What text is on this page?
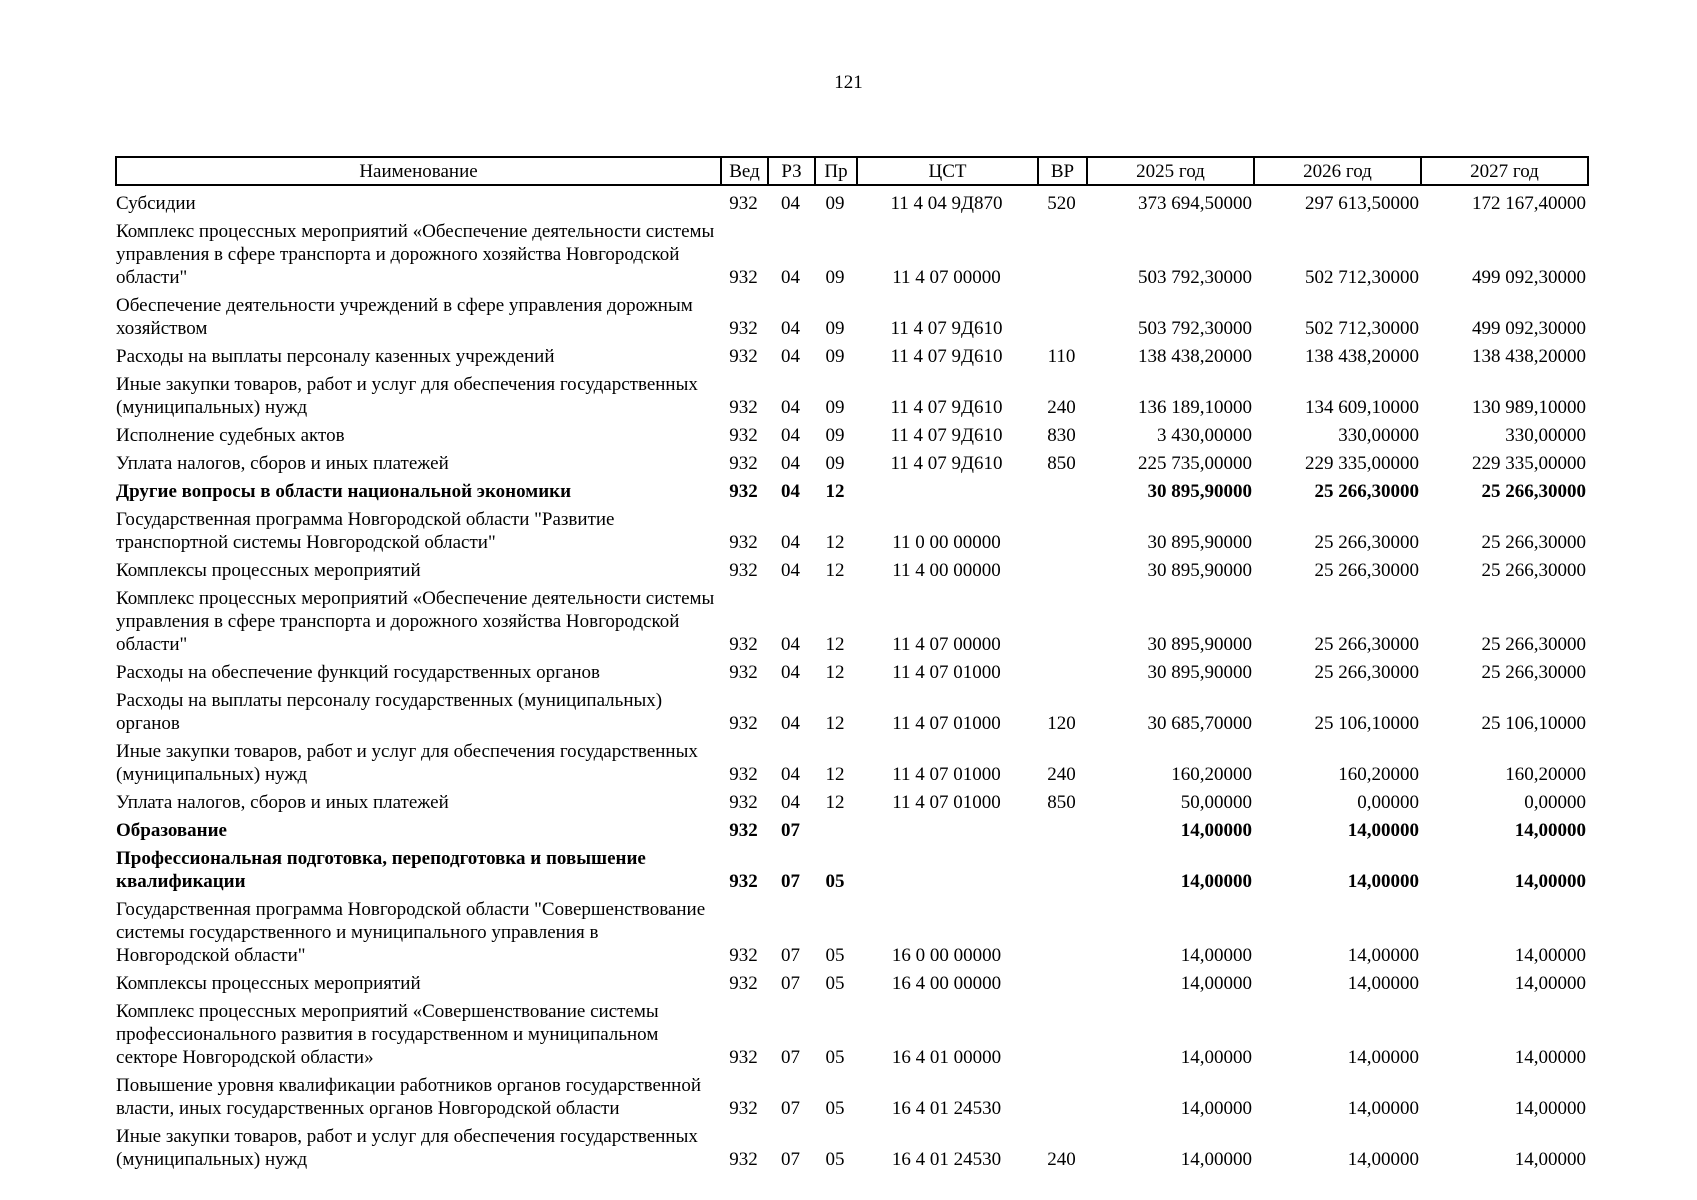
121
Наименование	Вед	РЗ	Пр	ЦСТ	ВР	2025 год	2026 год	2027 год
Субсидии	932	04	09	11 4 04 9Д870	520	373 694,50000	297 613,50000	172 167,40000
Комплекс процессных мероприятий «Обеспечение деятельности системы управления в сфере транспорта и дорожного хозяйства Новгородской области"	932	04	09	11 4 07 00000		503 792,30000	502 712,30000	499 092,30000
Обеспечение деятельности учреждений в сфере управления дорожным хозяйством	932	04	09	11 4 07 9Д610		503 792,30000	502 712,30000	499 092,30000
Расходы на выплаты персоналу казенных учреждений	932	04	09	11 4 07 9Д610	110	138 438,20000	138 438,20000	138 438,20000
Иные закупки товаров, работ и услуг для обеспечения государственных (муниципальных) нужд	932	04	09	11 4 07 9Д610	240	136 189,10000	134 609,10000	130 989,10000
Исполнение судебных актов	932	04	09	11 4 07 9Д610	830	3 430,00000	330,00000	330,00000
Уплата налогов, сборов и иных платежей	932	04	09	11 4 07 9Д610	850	225 735,00000	229 335,00000	229 335,00000
Другие вопросы в области национальной экономики	932	04	12			30 895,90000	25 266,30000	25 266,30000
Государственная программа Новгородской области "Развитие транспортной системы Новгородской области"	932	04	12	11 0 00 00000		30 895,90000	25 266,30000	25 266,30000
Комплексы процессных мероприятий	932	04	12	11 4 00 00000		30 895,90000	25 266,30000	25 266,30000
Комплекс процессных мероприятий «Обеспечение деятельности системы управления в сфере транспорта и дорожного хозяйства Новгородской области"	932	04	12	11 4 07 00000		30 895,90000	25 266,30000	25 266,30000
Расходы на обеспечение функций государственных органов	932	04	12	11 4 07 01000		30 895,90000	25 266,30000	25 266,30000
Расходы на выплаты персоналу государственных (муниципальных) органов	932	04	12	11 4 07 01000	120	30 685,70000	25 106,10000	25 106,10000
Иные закупки товаров, работ и услуг для обеспечения государственных (муниципальных) нужд	932	04	12	11 4 07 01000	240	160,20000	160,20000	160,20000
Уплата налогов, сборов и иных платежей	932	04	12	11 4 07 01000	850	50,00000	0,00000	0,00000
Образование	932	07				14,00000	14,00000	14,00000
Профессиональная подготовка, переподготовка и повышение квалификации	932	07	05			14,00000	14,00000	14,00000
Государственная программа Новгородской области "Совершенствование системы государственного и муниципального управления в Новгородской области"	932	07	05	16 0 00 00000		14,00000	14,00000	14,00000
Комплексы процессных мероприятий	932	07	05	16 4 00 00000		14,00000	14,00000	14,00000
Комплекс процессных мероприятий «Совершенствование системы профессионального развития в государственном и муниципальном секторе Новгородской области»	932	07	05	16 4 01 00000		14,00000	14,00000	14,00000
Повышение уровня квалификации работников органов государственной власти, иных государственных органов Новгородской области	932	07	05	16 4 01 24530		14,00000	14,00000	14,00000
Иные закупки товаров, работ и услуг для обеспечения государственных (муниципальных) нужд	932	07	05	16 4 01 24530	240	14,00000	14,00000	14,00000
